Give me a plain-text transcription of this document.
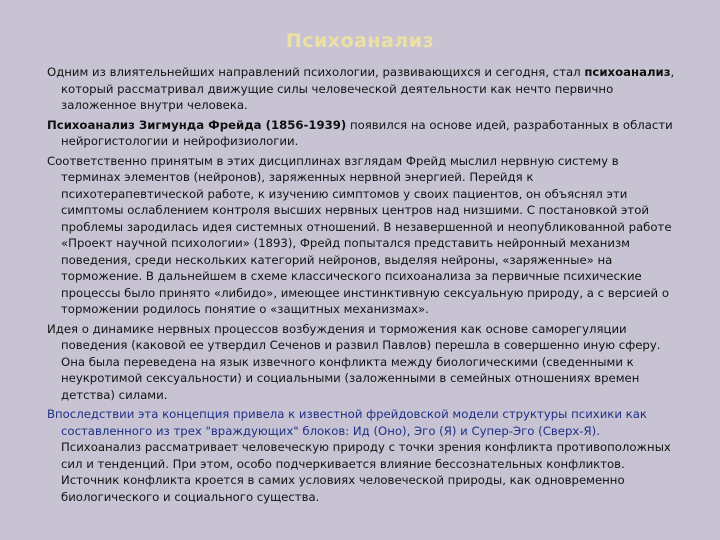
Психоанализ

Одним из влиятельнейших направлений психологии, развивающихся и сегодня, стал психоанализ, который рассматривал движущие силы человеческой деятельности как нечто первично заложенное внутри человека.

Психоанализ Зигмунда Фрейда (1856-1939) появился на основе идей, разработанных в области нейрогистологии и нейрофизиологии.

Соответственно принятым в этих дисциплинах взглядам Фрейд мыслил нервную систему в терминах элементов (нейронов), заряженных нервной энергией. Перейдя к психотерапевтической работе, к изучению симптомов у своих пациентов, он объяснял эти симптомы ослаблением контроля высших нервных центров над низшими. С постановкой этой проблемы зародилась идея системных отношений. В незавершенной и неопубликованной работе «Проект научной психологии» (1893), Фрейд попытался представить нейронный механизм поведения, среди нескольких категорий нейронов, выделяя нейроны, «заряженные» на торможение. В дальнейшем в схеме классического психоанализа за первичные психические процессы было принято «либидо», имеющее инстинктивную сексуальную природу, а с версией о торможении родилось понятие о «защитных механизмах».

Идея о динамике нервных процессов возбуждения и торможения как основе саморегуляции поведения (каковой ее утвердил Сеченов и развил Павлов) перешла в совершенно иную сферу. Она была переведена на язык извечного конфликта между биологическими (сведенными к неукротимой сексуальности) и социальными (заложенными в семейных отношениях времен детства) силами.

Впоследствии эта концепция привела к известной фрейдовской модели структуры психики как составленного из трех "враждующих" блоков: Ид (Оно), Эго (Я) и Супер-Эго (Сверх-Я). Психоанализ рассматривает человеческую природу с точки зрения конфликта противоположных сил и тенденций. При этом, особо подчеркивается влияние бессознательных конфликтов. Источник конфликта кроется в самих условиях человеческой природы, как одновременно биологического и социального существа.
